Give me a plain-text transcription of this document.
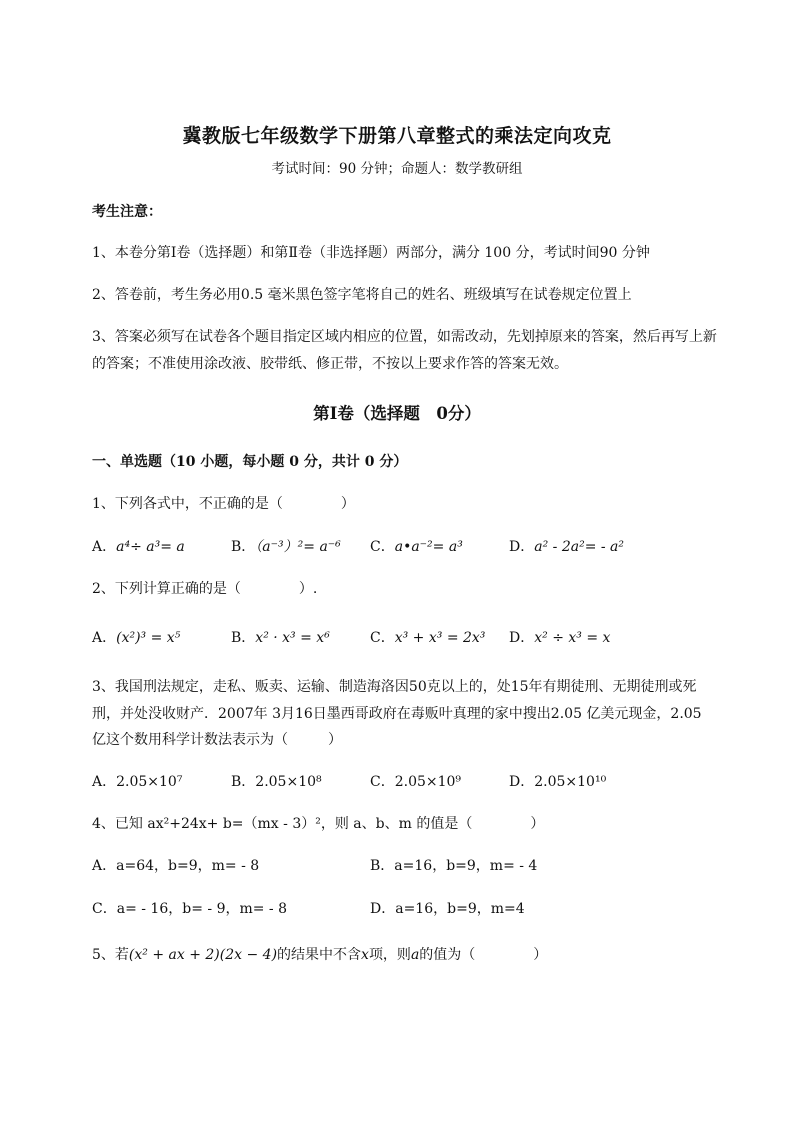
冀教版七年级数学下册第八章整式的乘法定向攻克
考试时间：90 分钟；命题人：数学教研组
考生注意：
1、本卷分第Ⅰ卷（选择题）和第Ⅱ卷（非选择题）两部分，满分 100 分，考试时间90 分钟
2、答卷前，考生务必用0.5 毫米黑色签字笔将自己的姓名、班级填写在试卷规定位置上
3、答案必须写在试卷各个题目指定区域内相应的位置，如需改动，先划掉原来的答案，然后再写上新
的答案；不准使用涂改液、胶带纸、修正带，不按以上要求作答的答案无效。
第Ⅰ卷（选择题　0分）
一、单选题（10 小题，每小题 0 分，共计 0 分）
1、下列各式中，不正确的是（	）
A．a⁴÷ a³= a	B．（a⁻³）²= a⁻⁶ C．a•a⁻²= a³	D．a² - 2a²= - a²
2、下列计算正确的是（	）.
A．(x²)³ = x⁵	B．x² · x³ = x⁶	C．x³ + x³ = 2x³ D．x² ÷ x³ = x
3、我国刑法规定，走私、贩卖、运输、制造海洛因50克以上的，处15年有期徒刑、无期徒刑或死
刑，并处没收财产．2007年 3月16日墨西哥政府在毒贩叶真理的家中搜出2.05 亿美元现金，2.05
亿这个数用科学计数法表示为（	）
A．2.05×10⁷	B．2.05×10⁸	C．2.05×10⁹	D．2.05×10¹⁰
4、已知 ax²+24x+ b=（mx - 3）²，则 a、b、m 的值是（	）
A．a=64，b=9，m= - 8	B．a=16，b=9，m= - 4
C．a= - 16，b= - 9，m= - 8	D．a=16，b=9，m=4
5、若(x² + ax + 2)(2x − 4)的结果中不含x项，则a的值为（	）
